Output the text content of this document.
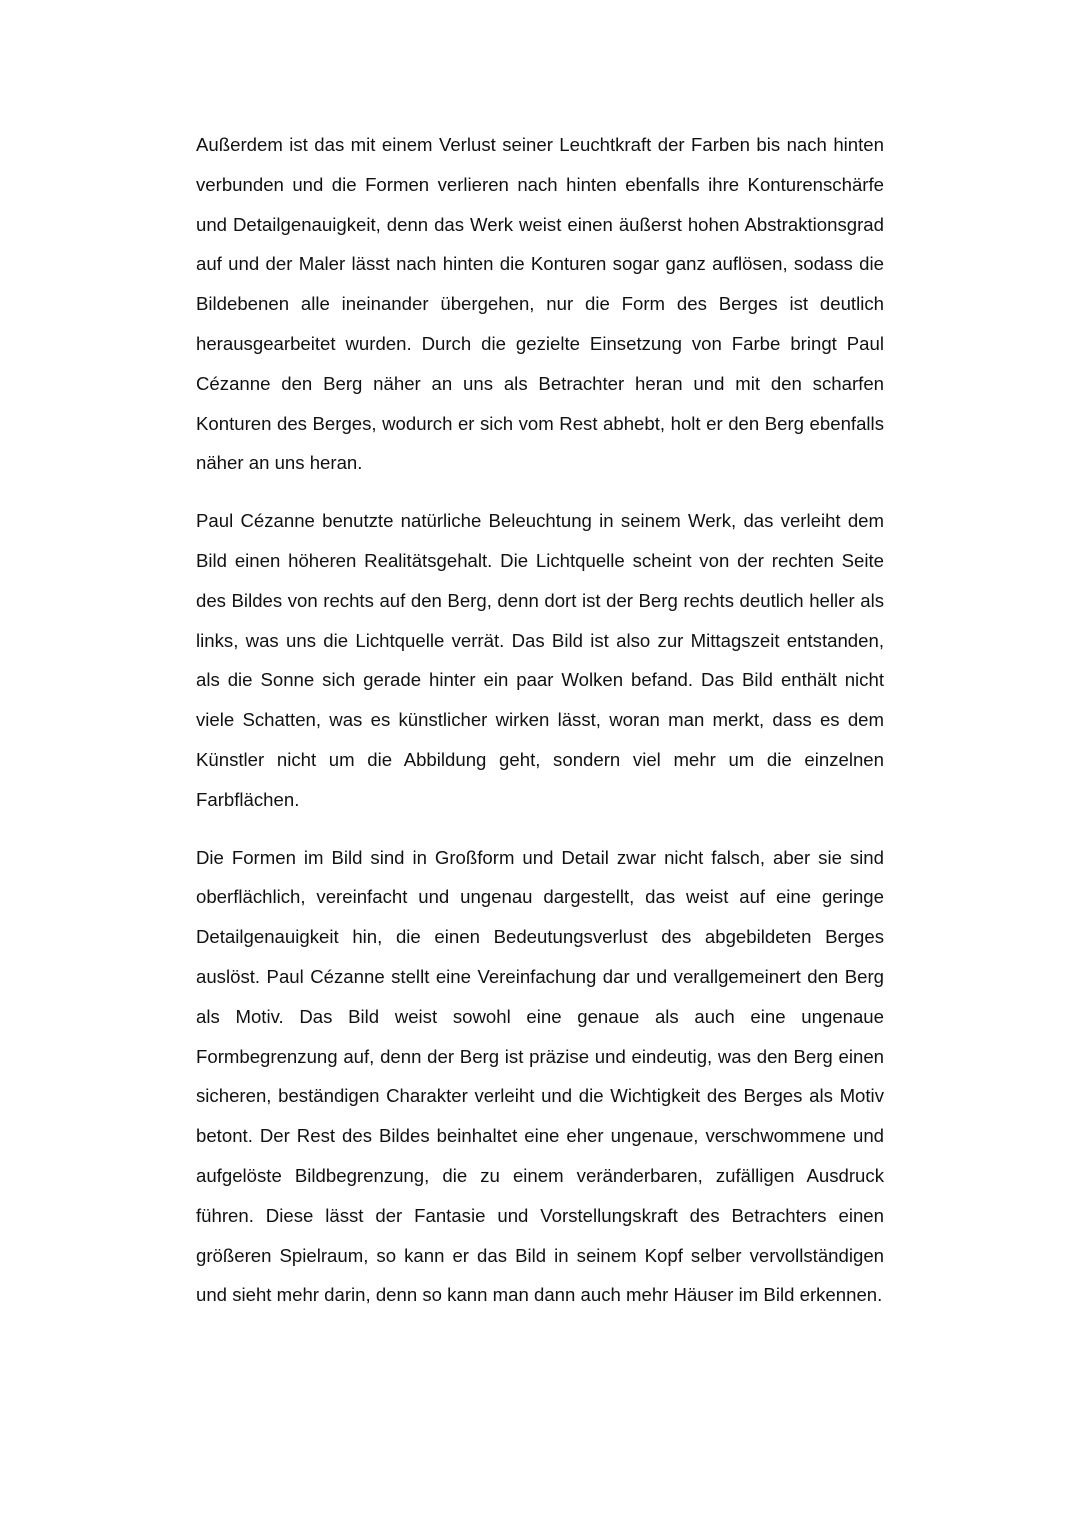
Außerdem ist das mit einem Verlust seiner Leuchtkraft der Farben bis nach hinten verbunden und die Formen verlieren nach hinten ebenfalls ihre Konturenschärfe und Detailgenauigkeit, denn das Werk weist einen äußerst hohen Abstraktionsgrad auf und der Maler lässt nach hinten die Konturen sogar ganz auflösen, sodass die Bildebenen alle ineinander übergehen, nur die Form des Berges ist deutlich herausgearbeitet wurden. Durch die gezielte Einsetzung von Farbe bringt Paul Cézanne den Berg näher an uns als Betrachter heran und mit den scharfen Konturen des Berges, wodurch er sich vom Rest abhebt, holt er den Berg ebenfalls näher an uns heran.

Paul Cézanne benutzte natürliche Beleuchtung in seinem Werk, das verleiht dem Bild einen höheren Realitätsgehalt. Die Lichtquelle scheint von der rechten Seite des Bildes von rechts auf den Berg, denn dort ist der Berg rechts deutlich heller als links, was uns die Lichtquelle verrät. Das Bild ist also zur Mittagszeit entstanden, als die Sonne sich gerade hinter ein paar Wolken befand. Das Bild enthält nicht viele Schatten, was es künstlicher wirken lässt, woran man merkt, dass es dem Künstler nicht um die Abbildung geht, sondern viel mehr um die einzelnen Farbflächen.

Die Formen im Bild sind in Großform und Detail zwar nicht falsch, aber sie sind oberflächlich, vereinfacht und ungenau dargestellt, das weist auf eine geringe Detailgenauigkeit hin, die einen Bedeutungsverlust des abgebildeten Berges auslöst. Paul Cézanne stellt eine Vereinfachung dar und verallgemeinert den Berg als Motiv. Das Bild weist sowohl eine genaue als auch eine ungenaue Formbegrenzung auf, denn der Berg ist präzise und eindeutig, was den Berg einen sicheren, beständigen Charakter verleiht und die Wichtigkeit des Berges als Motiv betont. Der Rest des Bildes beinhaltet eine eher ungenaue, verschwommene und aufgelöste Bildbegrenzung, die zu einem veränderbaren, zufälligen Ausdruck führen. Diese lässt der Fantasie und Vorstellungskraft des Betrachters einen größeren Spielraum, so kann er das Bild in seinem Kopf selber vervollständigen und sieht mehr darin, denn so kann man dann auch mehr Häuser im Bild erkennen.
